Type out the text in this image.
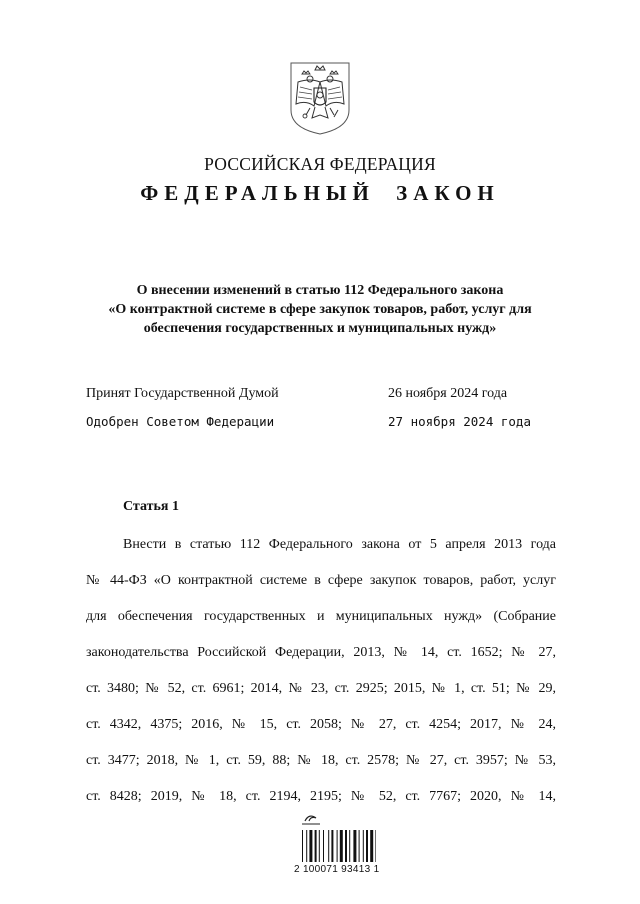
РОССИЙСКАЯ ФЕДЕРАЦИЯ
ФЕДЕРАЛЬНЫЙ ЗАКОН
О внесении изменений в статью 112 Федерального закона
«О контрактной системе в сфере закупок товаров, работ, услуг для
обеспечения государственных и муниципальных нужд»
Принят Государственной Думой	26 ноября 2024 года
Одобрен Советом Федерации	27 ноября 2024 года
Статья 1
Внести в статью 112 Федерального закона от 5 апреля 2013 года
№ 44-ФЗ «О контрактной системе в сфере закупок товаров, работ, услуг
для обеспечения государственных и муниципальных нужд» (Собрание
законодательства Российской Федерации, 2013, № 14, ст. 1652; № 27,
ст. 3480; № 52, ст. 6961; 2014, № 23, ст. 2925; 2015, № 1, ст. 51; № 29,
ст. 4342, 4375; 2016, № 15, ст. 2058; № 27, ст. 4254; 2017, № 24,
ст. 3477; 2018, № 1, ст. 59, 88; № 18, ст. 2578; № 27, ст. 3957; № 53,
ст. 8428; 2019, № 18, ст. 2194, 2195; № 52, ст. 7767; 2020, № 14,
2 100071 93413 1
